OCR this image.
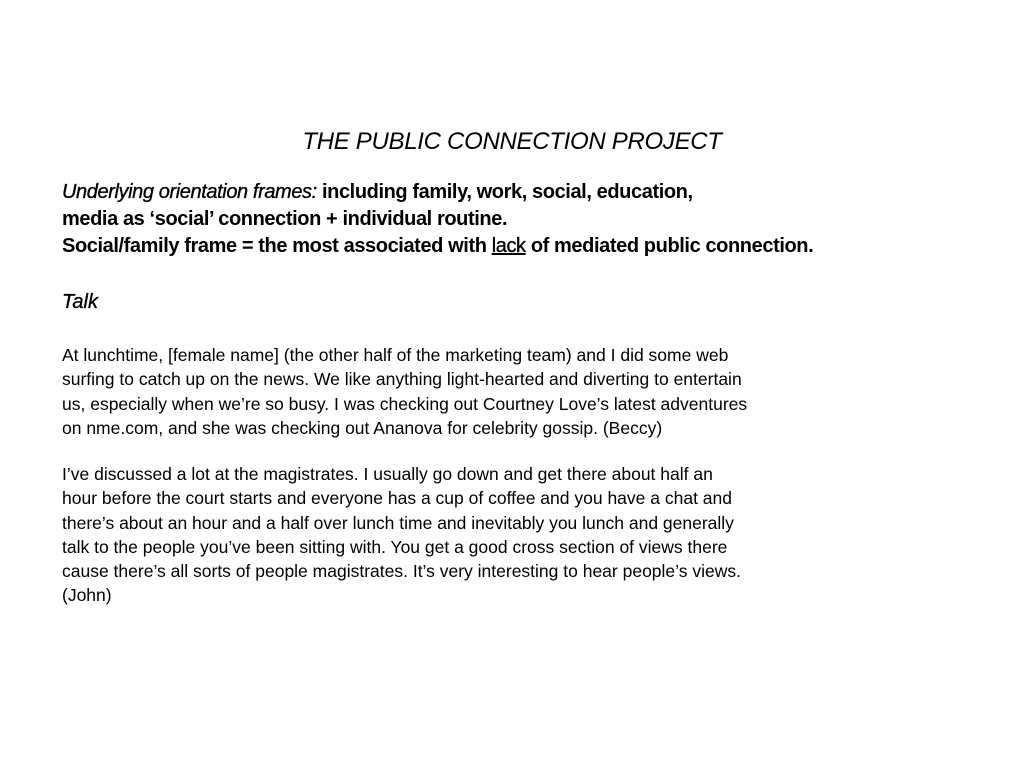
THE PUBLIC CONNECTION PROJECT
Underlying orientation frames: including family, work, social, education,
media as ‘social’ connection + individual routine.
Social/family frame = the most associated with lack of mediated public connection.
Talk
At lunchtime, [female name] (the other half of the marketing team) and I did some web
surfing to catch up on the news. We like anything light-hearted and diverting to entertain
us, especially when we’re so busy. I was checking out Courtney Love’s latest adventures
on nme.com, and she was checking out Ananova for celebrity gossip. (Beccy)
I’ve discussed a lot at the magistrates. I usually go down and get there about half an
hour before the court starts and everyone has a cup of coffee and you have a chat and
there’s about an hour and a half over lunch time and inevitably you lunch and generally
talk to the people you’ve been sitting with. You get a good cross section of views there
cause there’s all sorts of people magistrates. It’s very interesting to hear people’s views.
(John)
